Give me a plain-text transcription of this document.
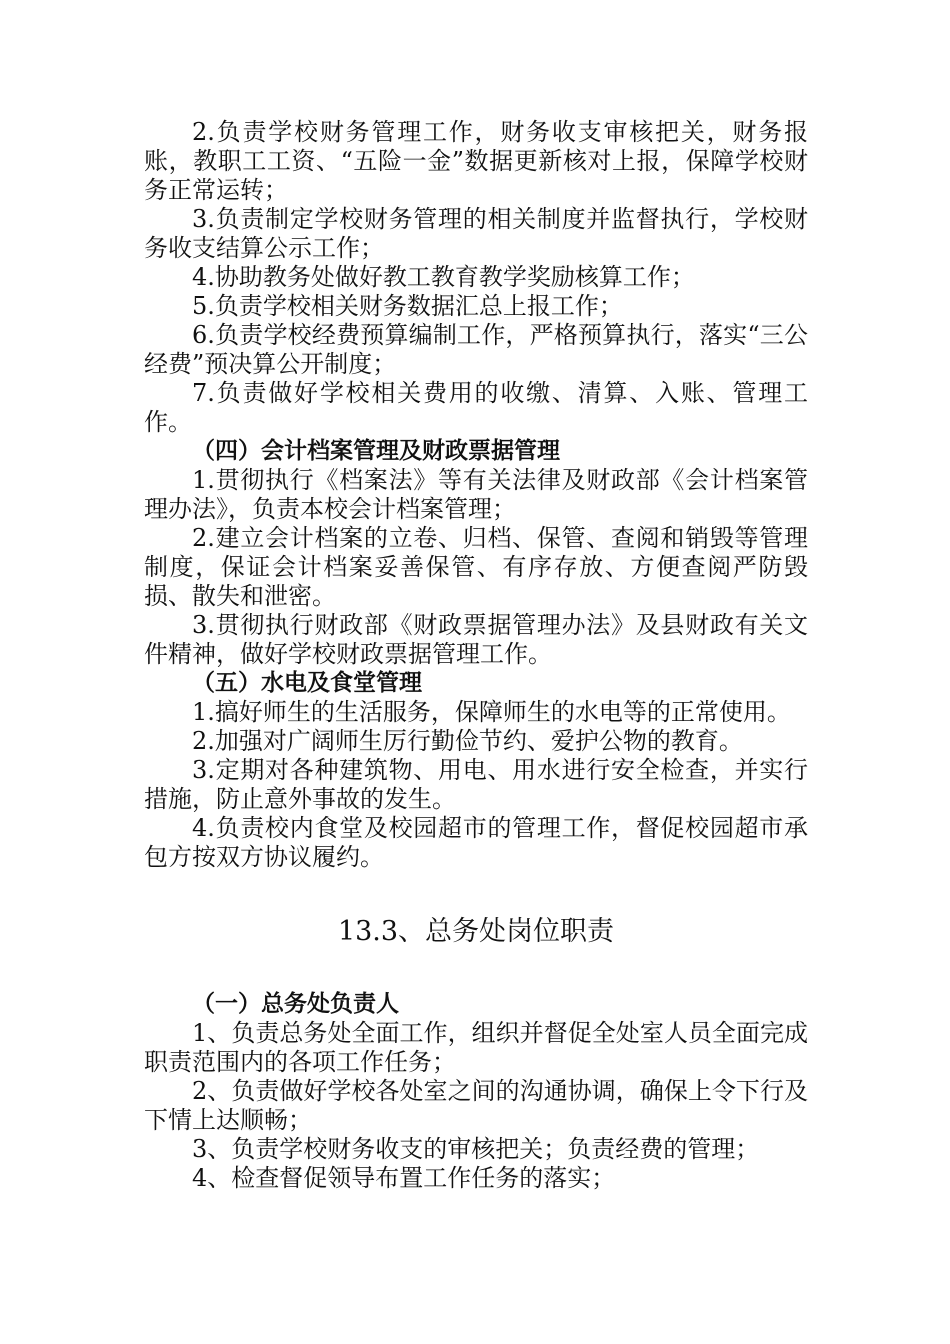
2.负责学校财务管理工作，财务收支审核把关，财务报账，教职工工资、“五险一金”数据更新核对上报，保障学校财务正常运转；

3.负责制定学校财务管理的相关制度并监督执行，学校财务收支结算公示工作；

4.协助教务处做好教工教育教学奖励核算工作；

5.负责学校相关财务数据汇总上报工作；

6.负责学校经费预算编制工作，严格预算执行，落实“三公经费”预决算公开制度；

7.负责做好学校相关费用的收缴、清算、入账、管理工作。

（四）会计档案管理及财政票据管理

1.贯彻执行《档案法》等有关法律及财政部《会计档案管理办法》，负责本校会计档案管理；

2.建立会计档案的立卷、归档、保管、查阅和销毁等管理制度，保证会计档案妥善保管、有序存放、方便查阅严防毁损、散失和泄密。

3.贯彻执行财政部《财政票据管理办法》及县财政有关文件精神，做好学校财政票据管理工作。

（五）水电及食堂管理

1.搞好师生的生活服务，保障师生的水电等的正常使用。

2.加强对广阔师生厉行勤俭节约、爱护公物的教育。

3.定期对各种建筑物、用电、用水进行安全检查，并实行措施，防止意外事故的发生。

4.负责校内食堂及校园超市的管理工作，督促校园超市承包方按双方协议履约。

13.3、总务处岗位职责

（一）总务处负责人

1、负责总务处全面工作，组织并督促全处室人员全面完成职责范围内的各项工作任务；

2、负责做好学校各处室之间的沟通协调，确保上令下行及下情上达顺畅；

3、负责学校财务收支的审核把关；负责经费的管理；

4、检查督促领导布置工作任务的落实；
